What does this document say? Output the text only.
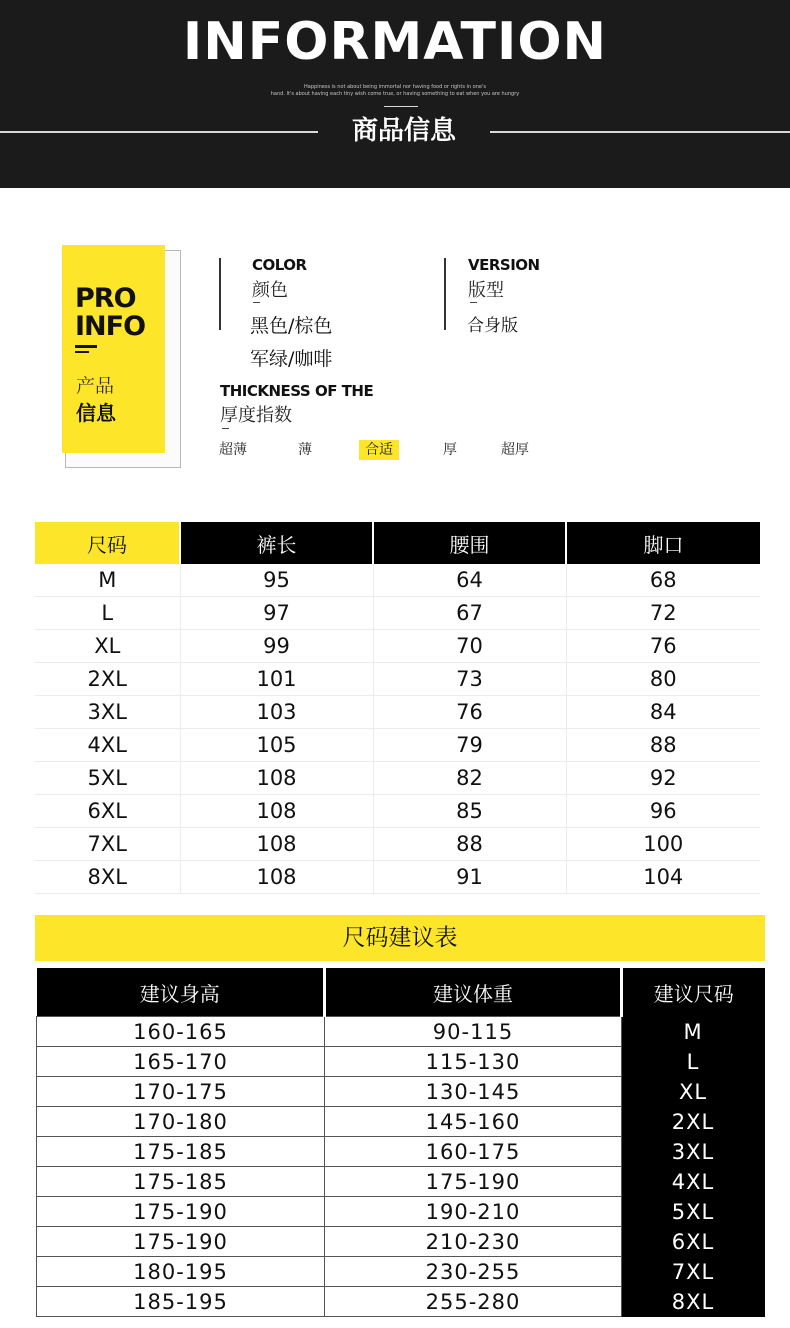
INFORMATION
Happiness is not about being immortal nor having food or rights in one's
hand. It's about having each tiny wish come true, or having something to eat when you are hungry
商品信息
PRO
INFO
产品
信息
COLOR
颜色
黑色/棕色
军绿/咖啡
VERSION
版型
合身版
THICKNESS OF THE
厚度指数
超薄	薄	合适	厚	超厚
尺码	裤长	腰围	脚口
M	95	64	68
L	97	67	72
XL	99	70	76
2XL	101	73	80
3XL	103	76	84
4XL	105	79	88
5XL	108	82	92
6XL	108	85	96
7XL	108	88	100
8XL	108	91	104
尺码建议表
建议身高	建议体重	建议尺码
160-165	90-115	M
165-170	115-130	L
170-175	130-145	XL
170-180	145-160	2XL
175-185	160-175	3XL
175-185	175-190	4XL
175-190	190-210	5XL
175-190	210-230	6XL
180-195	230-255	7XL
185-195	255-280	8XL
